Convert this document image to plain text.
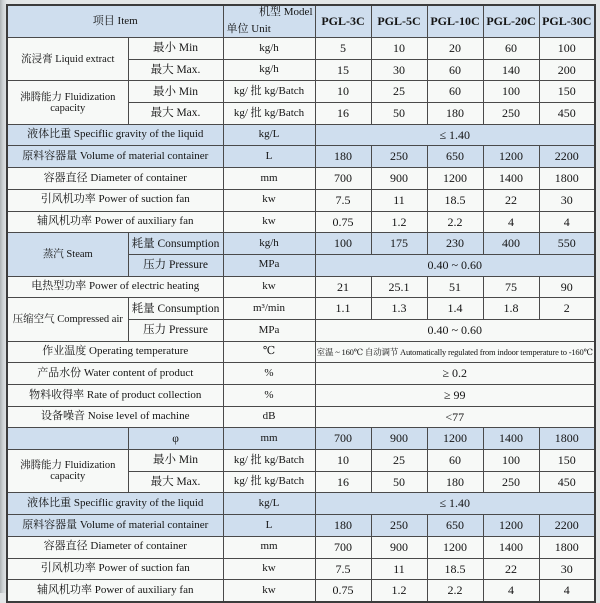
项目 Item		机型 Model
单位 Unit	PGL-3C	PGL-5C	PGL-10C	PGL-20C	PGL-30C
流浸膏 Liquid extract	最小 Min	kg/h	5	10	20	60	100
	最大 Max.	kg/h	15	30	60	140	200
沸腾能力 Fluidization capacity	最小 Min	kg/ 批 kg/Batch	10	25	60	100	150
	最大 Max.	kg/ 批 kg/Batch	16	50	180	250	450
液体比重 Speciflic gravity of the liquid		kg/L	≤ 1.40				
原料容器量 Volume of material container		L	180	250	650	1200	2200
容器直径 Diameter of container		mm	700	900	1200	1400	1800
引风机功率 Power of suction fan		kw	7.5	11	18.5	22	30
辅风机功率 Power of auxiliary fan		kw	0.75	1.2	2.2	4	4
蒸汽 Steam	耗量 Consumption	kg/h	100	175	230	400	550
	压力 Pressure	MPa	0.40 ~ 0.60				
电热型功率 Power of electric heating		kw	21	25.1	51	75	90
压缩空气 Compressed air	耗量 Consumption	m³/min	1.1	1.3	1.4	1.8	2
	压力 Pressure	MPa	0.40 ~ 0.60				
作业温度 Operating temperature		℃	室温 ~ 160℃ 自动调节 Automatically regulated from indoor temperature to -160℃				
产品水份 Water content of product		%	≥ 0.2				
物料收得率 Rate of product collection		%	≥ 99				
设备噪音 Noise level of machine		dB	<77				
	φ	mm	700	900	1200	1400	1800
沸腾能力 Fluidization capacity	最小 Min	kg/ 批 kg/Batch	10	25	60	100	150
	最大 Max.	kg/ 批 kg/Batch	16	50	180	250	450
液体比重 Speciflic gravity of the liquid		kg/L	≤ 1.40				
原料容器量 Volume of material container		L	180	250	650	1200	2200
容器直径 Diameter of container		mm	700	900	1200	1400	1800
引风机功率 Power of suction fan		kw	7.5	11	18.5	22	30
辅风机功率 Power of auxiliary fan		kw	0.75	1.2	2.2	4	4
